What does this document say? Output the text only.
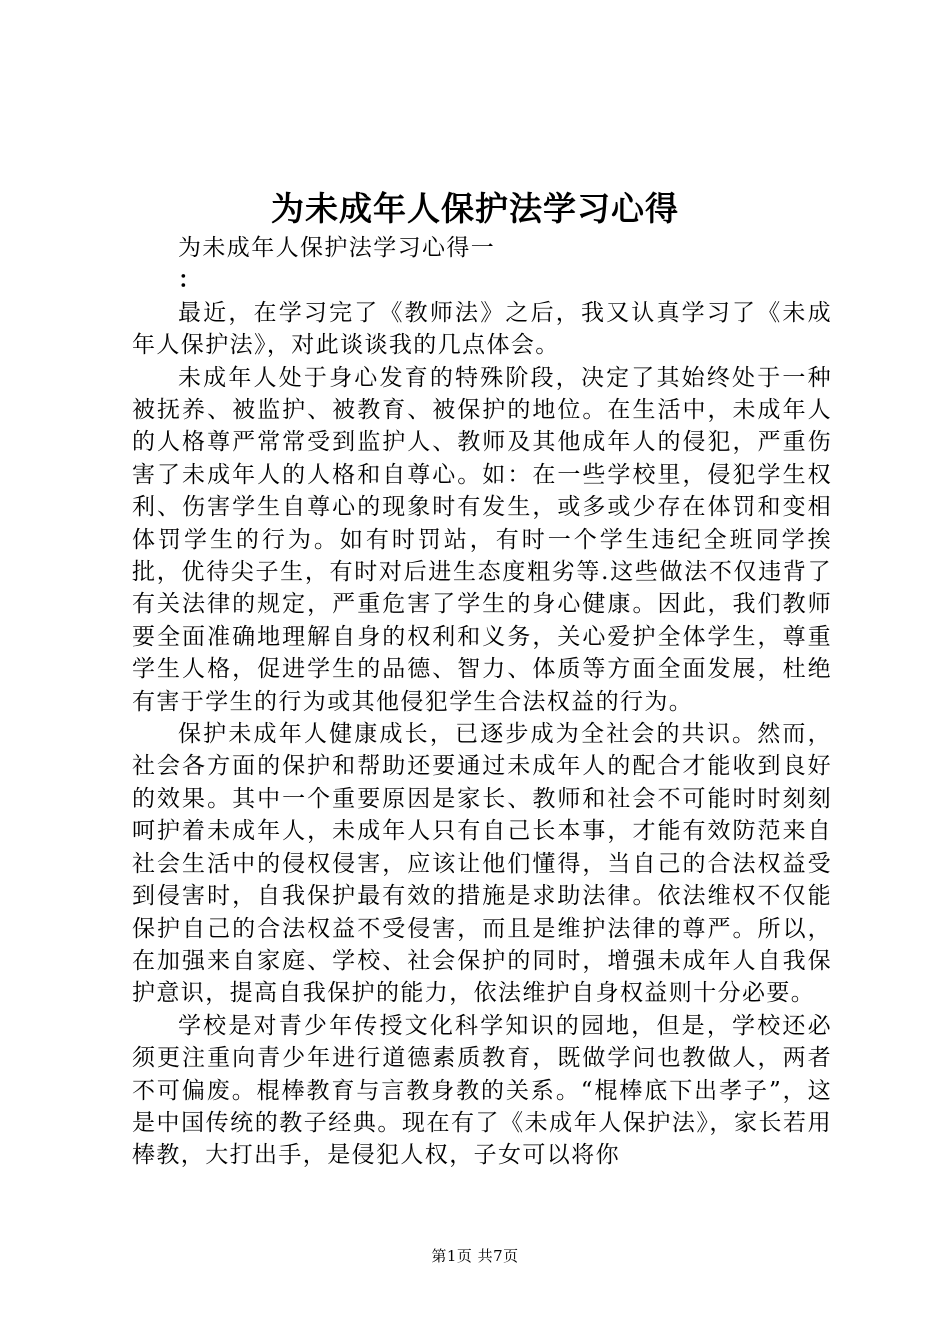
为未成年人保护法学习心得

为未成年人保护法学习心得一

：

最近，在学习完了《教师法》之后，我又认真学习了《未成年人保护法》，对此谈谈我的几点体会。

未成年人处于身心发育的特殊阶段，决定了其始终处于一种被抚养、被监护、被教育、被保护的地位。在生活中，未成年人的人格尊严常常受到监护人、教师及其他成年人的侵犯，严重伤害了未成年人的人格和自尊心。如：在一些学校里，侵犯学生权利、伤害学生自尊心的现象时有发生，或多或少存在体罚和变相体罚学生的行为。如有时罚站，有时一个学生违纪全班同学挨批，优待尖子生，有时对后进生态度粗劣等.这些做法不仅违背了有关法律的规定，严重危害了学生的身心健康。因此，我们教师要全面准确地理解自身的权利和义务，关心爱护全体学生，尊重学生人格，促进学生的品德、智力、体质等方面全面发展，杜绝有害于学生的行为或其他侵犯学生合法权益的行为。

保护未成年人健康成长，已逐步成为全社会的共识。然而，社会各方面的保护和帮助还要通过未成年人的配合才能收到良好的效果。其中一个重要原因是家长、教师和社会不可能时时刻刻呵护着未成年人，未成年人只有自己长本事，才能有效防范来自社会生活中的侵权侵害，应该让他们懂得，当自己的合法权益受到侵害时，自我保护最有效的措施是求助法律。依法维权不仅能保护自己的合法权益不受侵害，而且是维护法律的尊严。所以，在加强来自家庭、学校、社会保护的同时，增强未成年人自我保护意识，提高自我保护的能力，依法维护自身权益则十分必要。

学校是对青少年传授文化科学知识的园地，但是，学校还必须更注重向青少年进行道德素质教育，既做学问也教做人，两者不可偏废。棍棒教育与言教身教的关系。“棍棒底下出孝子”，这是中国传统的教子经典。现在有了《未成年人保护法》，家长若用棒教，大打出手，是侵犯人权，子女可以将你

第1页 共7页
